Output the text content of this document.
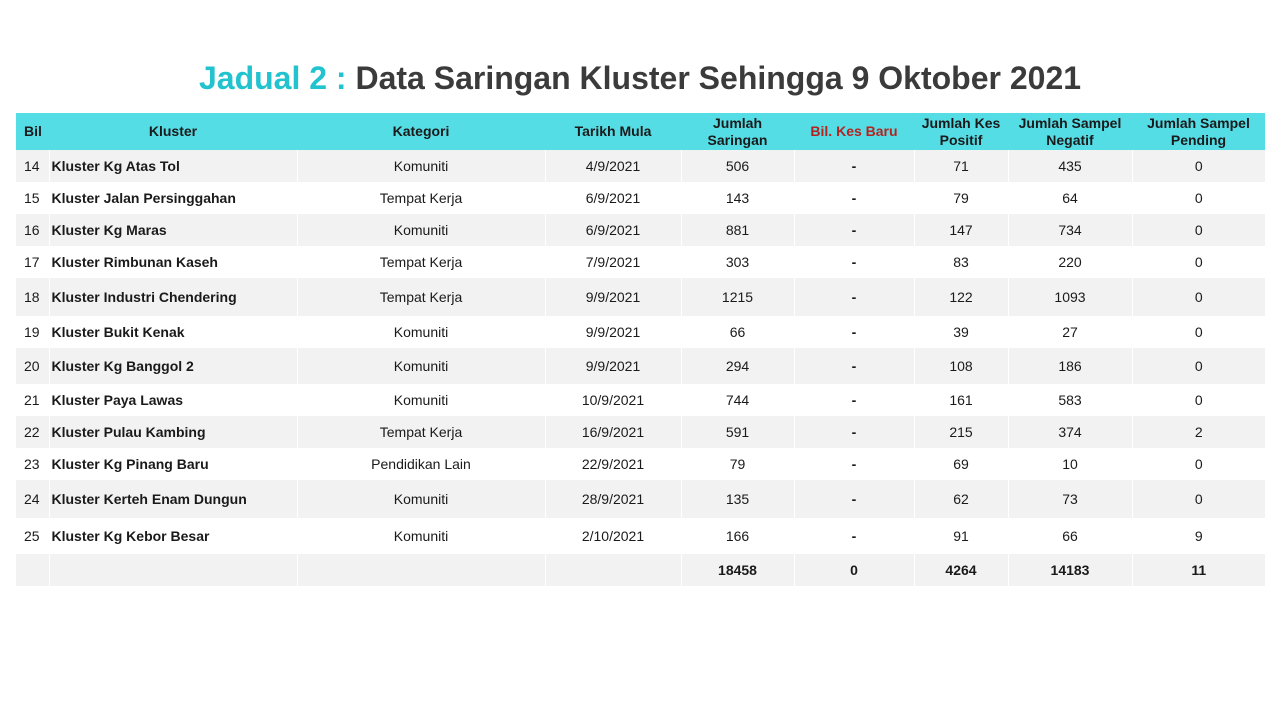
Jadual 2 : Data Saringan Kluster Sehingga 9 Oktober 2021
Bil	Kluster	Kategori	Tarikh Mula	Jumlah Saringan	Bil. Kes Baru	Jumlah Kes Positif	Jumlah Sampel Negatif	Jumlah Sampel Pending
14	Kluster Kg Atas Tol	Komuniti	4/9/2021	506	-	71	435	0
15	Kluster Jalan Persinggahan	Tempat Kerja	6/9/2021	143	-	79	64	0
16	Kluster Kg Maras	Komuniti	6/9/2021	881	-	147	734	0
17	Kluster Rimbunan Kaseh	Tempat Kerja	7/9/2021	303	-	83	220	0
18	Kluster Industri Chendering	Tempat Kerja	9/9/2021	1215	-	122	1093	0
19	Kluster Bukit Kenak	Komuniti	9/9/2021	66	-	39	27	0
20	Kluster Kg Banggol 2	Komuniti	9/9/2021	294	-	108	186	0
21	Kluster Paya Lawas	Komuniti	10/9/2021	744	-	161	583	0
22	Kluster Pulau Kambing	Tempat Kerja	16/9/2021	591	-	215	374	2
23	Kluster Kg Pinang Baru	Pendidikan Lain	22/9/2021	79	-	69	10	0
24	Kluster Kerteh Enam Dungun	Komuniti	28/9/2021	135	-	62	73	0
25	Kluster Kg Kebor Besar	Komuniti	2/10/2021	166	-	91	66	9
				18458	0	4264	14183	11
